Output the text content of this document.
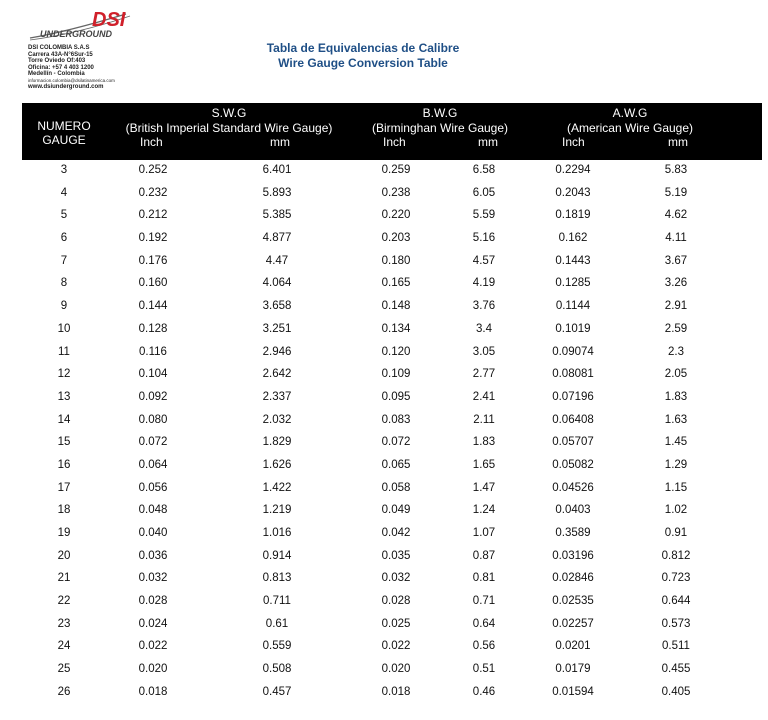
DSI
UNDERGROUND
DSI COLOMBIA S.A.S
Carrera 43A-N°6Sur-15
Torre Oviedo Of:403
Oficina: +57 4 403 1200
Medellín - Colombia
informacion.colombia@dsilatinamerica.com
www.dsiunderground.com
Tabla de Equivalencias de Calibre
Wire Gauge Conversion Table
NUMERO
GAUGE
S.W.G
(British Imperial Standard Wire Gauge)
Inch	mm
B.W.G
(Birminghan Wire Gauge)
Inch	mm
A.W.G
(American Wire Gauge)
Inch	mm
3	0.252	6.401	0.259	6.58	0.2294	5.83
4	0.232	5.893	0.238	6.05	0.2043	5.19
5	0.212	5.385	0.220	5.59	0.1819	4.62
6	0.192	4.877	0.203	5.16	0.162	4.11
7	0.176	4.47	0.180	4.57	0.1443	3.67
8	0.160	4.064	0.165	4.19	0.1285	3.26
9	0.144	3.658	0.148	3.76	0.1144	2.91
10	0.128	3.251	0.134	3.4	0.1019	2.59
11	0.116	2.946	0.120	3.05	0.09074	2.3
12	0.104	2.642	0.109	2.77	0.08081	2.05
13	0.092	2.337	0.095	2.41	0.07196	1.83
14	0.080	2.032	0.083	2.11	0.06408	1.63
15	0.072	1.829	0.072	1.83	0.05707	1.45
16	0.064	1.626	0.065	1.65	0.05082	1.29
17	0.056	1.422	0.058	1.47	0.04526	1.15
18	0.048	1.219	0.049	1.24	0.0403	1.02
19	0.040	1.016	0.042	1.07	0.3589	0.91
20	0.036	0.914	0.035	0.87	0.03196	0.812
21	0.032	0.813	0.032	0.81	0.02846	0.723
22	0.028	0.711	0.028	0.71	0.02535	0.644
23	0.024	0.61	0.025	0.64	0.02257	0.573
24	0.022	0.559	0.022	0.56	0.0201	0.511
25	0.020	0.508	0.020	0.51	0.0179	0.455
26	0.018	0.457	0.018	0.46	0.01594	0.405
